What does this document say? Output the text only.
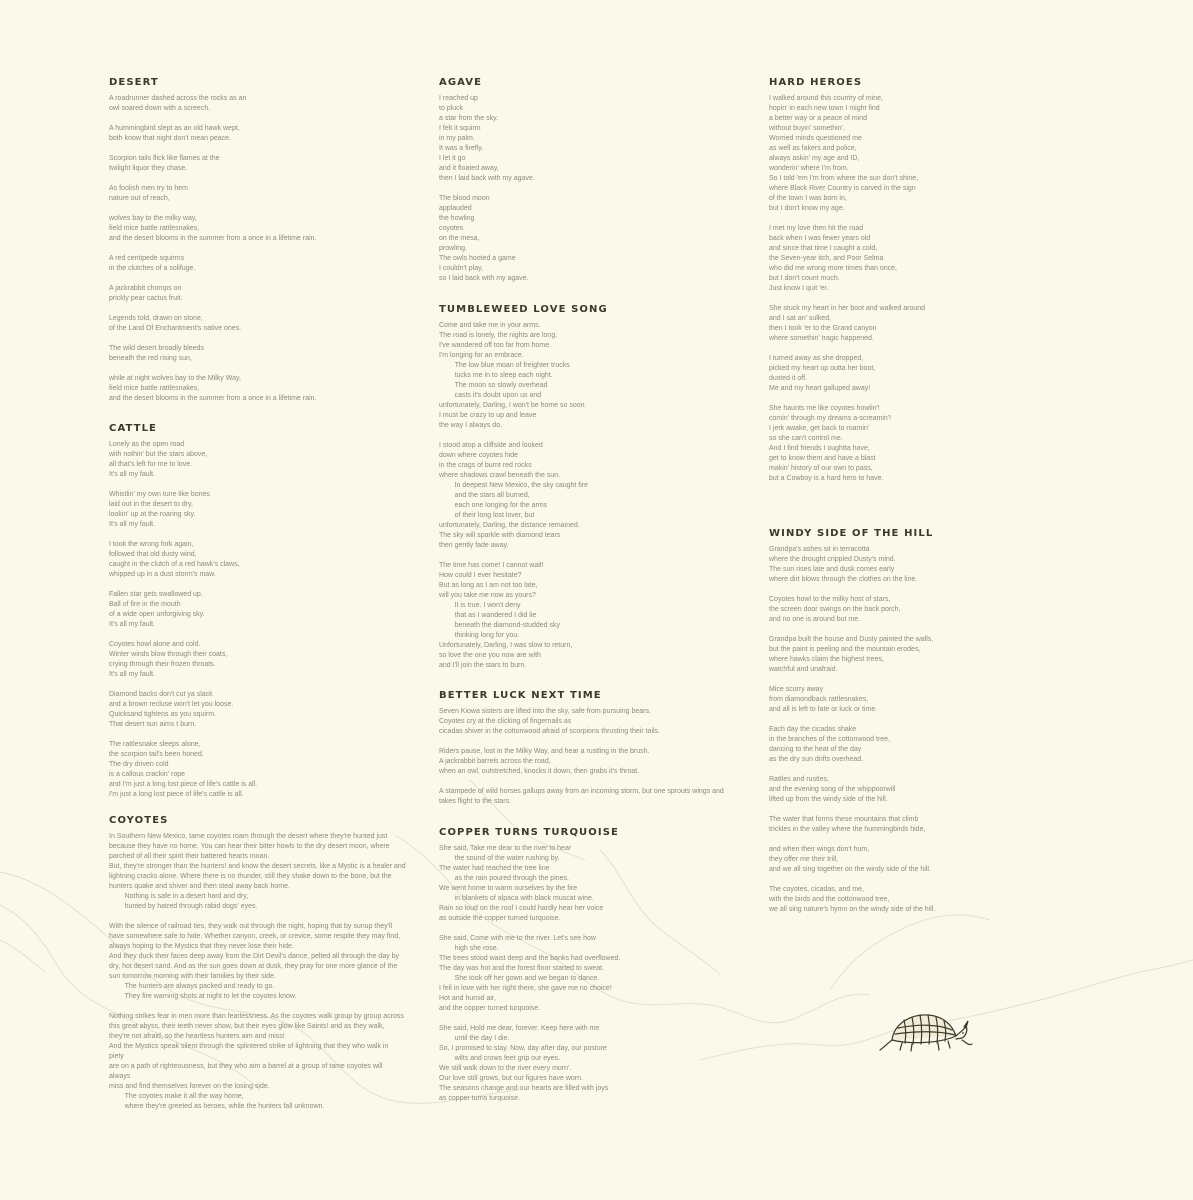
DESERT
A roadrunner dashed across the rocks as an
owl soared down with a screech.

A hummingbird slept as an old hawk wept,
both know that night don't mean peace.

Scorpion tails flick like flames at the
twilight liquor they chase.

As foolish men try to hem
nature out of reach,

wolves bay to the milky way,
field mice battle rattlesnakes,
and the desert blooms in the summer from a once in a lifetime rain.

A red centipede squirms
in the clutches of a solifuge.

A jackrabbit chomps on
prickly pear cactus fruit.

Legends told, drawn on stone,
of the Land Of Enchantment's native ones.

The wild desert broadly bleeds
beneath the red rising sun,

while at night wolves bay to the Milky Way,
field mice battle rattlesnakes,
and the desert blooms in the summer from a once in a lifetime rain.
CATTLE
Lonely as the open road
with nothin' but the stars above,
all that's left for me to love.
It's all my fault.

Whistlin' my own tune like bones
laid out in the desert to dry,
lookin' up at the roaring sky.
It's all my fault.

I took the wrong fork again,
followed that old dusty wind,
caught in the clutch of a red hawk's claws,
whipped up in a dust storm's maw.

Fallen star gets swallowed up.
Ball of fire in the mouth
of a wide open unforgiving sky.
It's all my fault.

Coyotes howl alone and cold.
Winter winds blow through their coats,
crying through their frozen throats.
It's all my fault.

Diamond backs don't cut ya slack
and a brown recluse won't let you loose.
Quicksand tightens as you squirm.
That desert sun aims t burn.

The rattlesnake sleeps alone,
the scorpion tail's been honed.
The dry driven cold
is a callous crackin' rope
and I'm just a long lost piece of life's cattle is all.
I'm just a long lost piece of life's cattle is all.
COYOTES
In Southern New Mexico, tame coyotes roam through the desert where they're hunted just
because they have no home. You can hear their bitter howls to the dry desert moon, where
parched of all their spirit their battered hearts moan.
But, they're stronger than the hunters! and know the desert secrets, like a Mystic is a healer and
lightning cracks alone. Where there is no thunder, still they shake down to the bone, but the
hunters quake and shiver and then steal away back home.
Nothing is safe in a desert hard and dry,
hunted by hatred through rabid dogs' eyes.

With the silence of railroad ties, they walk out through the night, hoping that by sunup they'll
have somewhere safe to hide. Whether canyon, creek, or crevice, some respite they may find,
always hoping to the Mystics that they never lose their hide.
And they duck their faces deep away from the Dirt Devil's dance, pelted all through the day by
dry, hot desert sand. And as the sun goes down at dusk, they pray for one more glance of the
sun tomorrow morning with their families by their side.
The hunters are always packed and ready to go.
They fire warning shots at night to let the coyotes know.

Nothing strikes fear in men more than fearlessness. As the coyotes walk group by group across
this great abyss, their teeth never show, but their eyes glow like Saints! and as they walk,
they're not afraid, so the heartless hunters aim and miss!
And the Mystics speak silent through the splintered strike of lightning that they who walk in
piety
are on a path of righteousness, but they who aim a barrel at a group of tame coyotes will
always
miss and find themselves forever on the losing side.
The coyotes make it all the way home,
where they're greeted as heroes, while the hunters fall unknown.
AGAVE
I reached up
to pluck
a star from the sky.
I felt it squirm
in my palm.
It was a firefly.
I let it go
and it floated away,
then I laid back with my agave.

The blood moon
applauded
the howling
coyotes
on the mesa,
prowling.
The owls hooted a game
I couldn't play,
so I laid back with my agave.
TUMBLEWEED LOVE SONG
Come and take me in your arms.
The road is lonely, the nights are long.
I've wandered off too far from home.
I'm longing for an embrace.
The low blue moan of freighter trucks
tucks me in to sleep each night.
The moon so slowly overhead
casts it's doubt upon us and
unfortunately, Darling, I won't be home so soon.
I must be crazy to up and leave
the way I always do.

I stood atop a cliffside and looked
down where coyotes hide
in the crags of burnt red rocks
where shadows crawl beneath the sun.
In deepest New Mexico, the sky caught fire
and the stars all burned,
each one longing for the arms
of their long lost lover, but
unfortunately, Darling, the distance remained.
The sky will sparkle with diamond tears
then gently fade away.

The time has come! I cannot wait!
How could I ever hesitate?
But as long as I am not too late,
will you take me now as yours?
It is true. I won't deny
that as I wandered I did lie
beneath the diamond-studded sky
thinking long for you.
Unfortunately, Darling, I was slow to return,
so love the one you now are with
and I'll join the stars to burn.
BETTER LUCK NEXT TIME
Seven Kiowa sisters are lifted into the sky, safe from pursuing bears.
Coyotes cry at the clicking of fingernails as
cicadas shiver in the cottonwood afraid of scorpions thrusting their tails.

Riders pause, lost in the Milky Way, and hear a rustling in the brush.
A jackrabbit barrels across the road,
when an owl, outstretched, knocks it down, then grabs it's throat.

A stampede of wild horses gallups away from an incoming storm, but one sprouts wings and
takes flight to the stars.
COPPER TURNS TURQUOISE
She said, Take me dear to the river to hear
the sound of the water rushing by.
The water had reached the tree line
as the rain poured through the pines.
We went home to warm ourselves by the fire
in blankets of alpaca with black muscat wine.
Rain so loud on the roof I could hardly hear her voice
as outside the copper turned turquoise.

She said, Come with me to the river. Let's see how
high she rose.
The trees stood waist deep and the banks had overflowed.
The day was hot and the forest floor started to sweat.
She took off her gown and we began to dance.
I fell in love with her right there, she gave me no choice!
Hot and humid air,
and the copper turned turquoise.

She said, Hold me dear, forever. Keep here with me
until the day I die.
So, I promised to stay. Now, day after day, our posture
wilts and crows feet grip our eyes.
We still walk down to the river every morn'.
Our love still grows, but our figures have worn.
The seasons change and our hearts are filled with joys
as copper turns turquoise.
HARD HEROES
I walked around this country of mine,
hopin' in each new town I might find
a better way or a peace of mind
without buyin' somethin'.
Worried minds questioned me
as well as fakers and police,
always askin' my age and ID,
wonderin' where I'm from.
So I told 'em I'm from where the sun don't shine,
where Black River Country is carved in the sign
of the town I was born in,
but I don't know my age.

I met my love then hit the road
back when I was fewer years old
and since that time I caught a cold,
the Seven-year itch, and Poor Selma
who did me wrong more times than once,
but I don't count much.
Just know I quit 'er.

She stuck my heart in her boot and walked around
and I sat an' sulked,
then I took 'er to the Grand canyon
where somethin' tragic happened.

I turned away as she dropped,
picked my heart up outta her boot,
dusted it off.
Me and my heart galluped away!

She haunts me like coyotes howlin'!
comin' through my dreams a-screamin'!
I jerk awake, get back to roamin'
so she can't control me.
And I find friends I oughtta have,
get to know them and have a blast
makin' history of our own to pass,
but a Cowboy is a hard hero to have.
WINDY SIDE OF THE HILL
Grandpa's ashes sit in terracotta
where the drought crippled Dusty's mind.
The sun rises late and dusk comes early
where dirt blows through the clothes on the line.

Coyotes howl to the milky host of stars,
the screen door swings on the back porch,
and no one is around but me.

Grandpa built the house and Dusty painted the walls,
but the paint is peeling and the mountain erodes,
where hawks claim the highest trees,
watchful and unafraid.

Mice scurry away
from diamondback rattlesnakes,
and all is left to fate or luck or time.

Each day the cicadas shake
in the branches of the cottonwood tree,
dancing to the heat of the day
as the dry sun drifts overhead.

Rattles and rustles,
and the evening song of the whippoorwill
lifted up from the windy side of the hill.

The water that forms these mountains that climb
trickles in the valley where the hummingbirds hide,

and when their wings don't hum,
they offer me their trill,
and we all sing together on the windy side of the hill.

The coyotes, cicadas, and me,
with the birds and the cottonwood tree,
we all sing nature's hymn on the windy side of the hill.
